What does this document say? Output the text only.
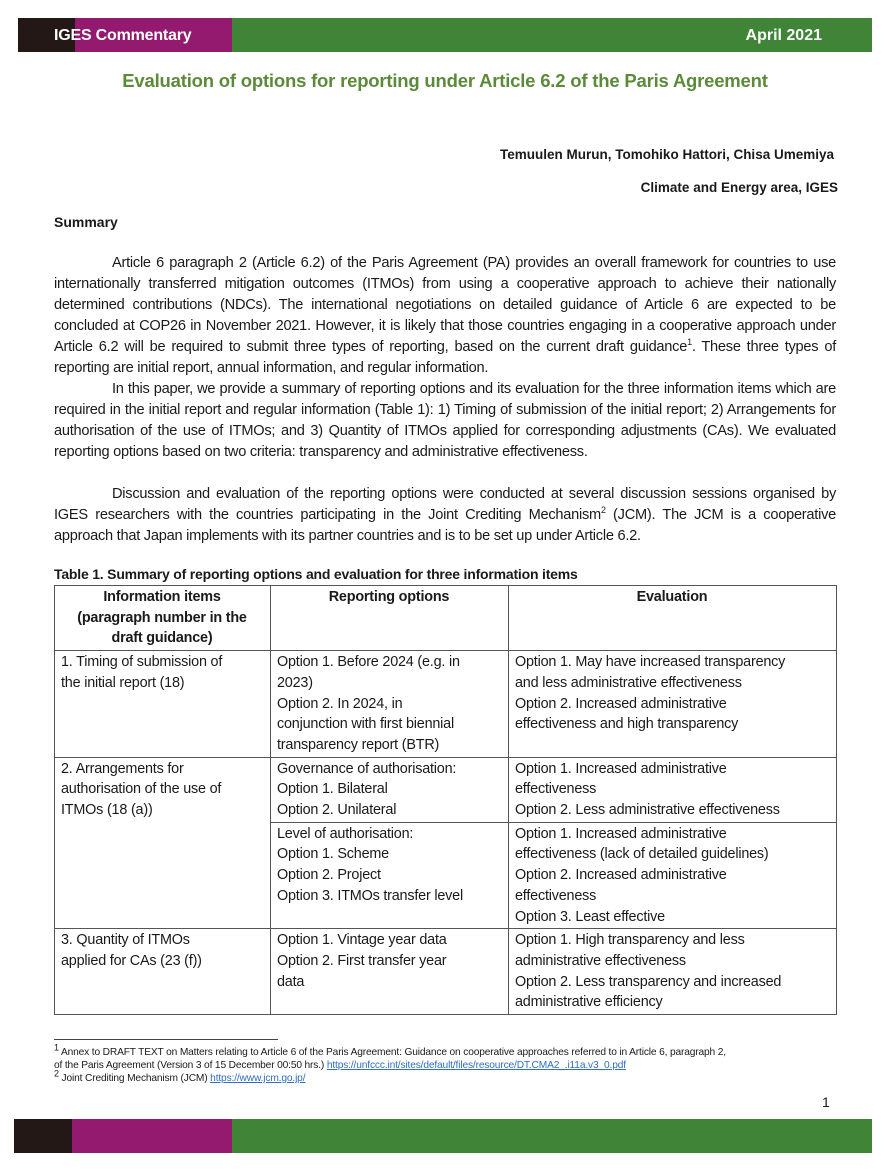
IGES Commentary	April 2021
Evaluation of options for reporting under Article 6.2 of the Paris Agreement
Temuulen Murun, Tomohiko Hattori, Chisa Umemiya
Climate and Energy area, IGES
Summary

Article 6 paragraph 2 (Article 6.2) of the Paris Agreement (PA) provides an overall framework for countries to use internationally transferred mitigation outcomes (ITMOs) from using a cooperative approach to achieve their nationally determined contributions (NDCs). The international negotiations on detailed guidance of Article 6 are expected to be concluded at COP26 in November 2021. However, it is likely that those countries engaging in a cooperative approach under Article 6.2 will be required to submit three types of reporting, based on the current draft guidance$^1$. These three types of reporting are initial report, annual information, and regular information.

In this paper, we provide a summary of reporting options and its evaluation for the three information items which are required in the initial report and regular information (Table 1): 1) Timing of submission of the initial report; 2) Arrangements for authorisation of the use of ITMOs; and 3) Quantity of ITMOs applied for corresponding adjustments (CAs). We evaluated reporting options based on two criteria: transparency and administrative effectiveness.

Discussion and evaluation of the reporting options were conducted at several discussion sessions organised by IGES researchers with the countries participating in the Joint Crediting Mechanism$^2$ (JCM). The JCM is a cooperative approach that Japan implements with its partner countries and is to be set up under Article 6.2.

Table 1. Summary of reporting options and evaluation for three information items
Information items
(paragraph number in the
draft guidance)	Reporting options	Evaluation

1. Timing of submission of
the initial report (18)	Option 1. Before 2024 (e.g. in
2023)
Option 2. In 2024, in
conjunction with first biennial
transparency report (BTR)	Option 1. May have increased transparency
and less administrative effectiveness
Option 2. Increased administrative
effectiveness and high transparency

2. Arrangements for
authorisation of the use of
ITMOs (18 (a))	Governance of authorisation:
Option 1. Bilateral
Option 2. Unilateral	Option 1. Increased administrative
effectiveness
Option 2. Less administrative effectiveness

	Level of authorisation:
Option 1. Scheme
Option 2. Project
Option 3. ITMOs transfer level	Option 1. Increased administrative
effectiveness (lack of detailed guidelines)
Option 2. Increased administrative
effectiveness
Option 3. Least effective

3. Quantity of ITMOs
applied for CAs (23 (f))	Option 1. Vintage year data
Option 2. First transfer year
data	Option 1. High transparency and less
administrative effectiveness
Option 2. Less transparency and increased
administrative efficiency
$^1$ Annex to DRAFT TEXT on Matters relating to Article 6 of the Paris Agreement: Guidance on cooperative approaches referred to in Article 6, paragraph 2,
of the Paris Agreement (Version 3 of 15 December 00:50 hrs.) https://unfccc.int/sites/default/files/resource/DT.CMA2_.i11a.v3_0.pdf
$^2$ Joint Crediting Mechanism (JCM) https://www.jcm.go.jp/
1
